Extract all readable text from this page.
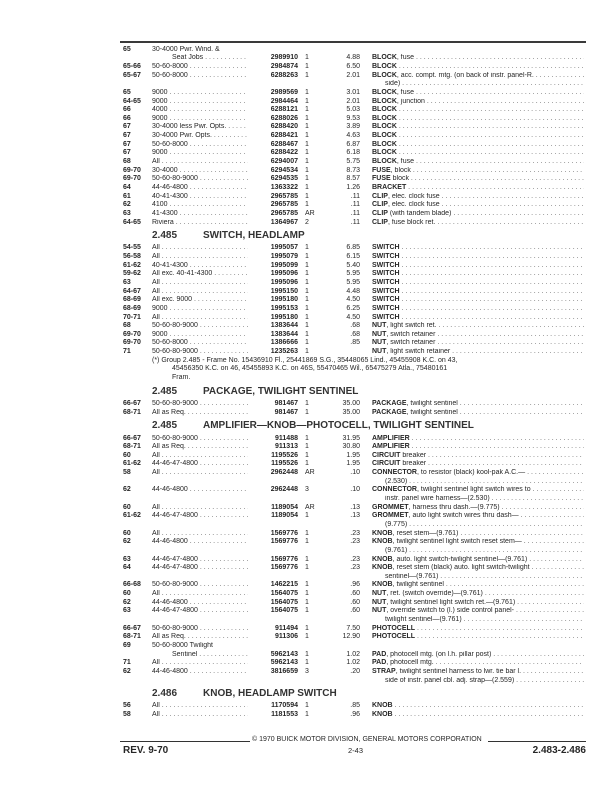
65	30-4000 Pwr. Wind. &
Seat Jobs . . .	2989910 1	4.88 BLOCK, fuse . . .
65-66 50-60-8000 . . .	2984874 1	6.50 BLOCK . . .
65-67 50-60-8000 . . .	6288263 1	2.01 BLOCK, acc. compt. mtg. (on back of instr. panel-R. . . .
side) . . .
65	9000 . . .	2989569 1	3.01 BLOCK, fuse . . .
64-65 9000 . . .	2984464 1	2.01 BLOCK, junction . . .
66	4000 . . .	6288121 1	5.03 BLOCK . . .
66	9000 . . .	6288026 1	9.53 BLOCK . . .
67	30-4000 less Pwr. Opts. . . .	6288420 1	3.89 BLOCK . . .
67	30-4000 Pwr. Opts. . . .	6288421 1	4.63 BLOCK . . .
67	50-60-8000 . . .	6288467 1	6.87 BLOCK . . .
67	9000 . . .	6288422 1	6.18 BLOCK . . .
68	All . . .	6294007 1	5.75 BLOCK, fuse . . .
69-70 30-4000 . . .	6294534 1	8.73 FUSE, block . . .
69-70 50-60-80-9000 . . .	6294535 1	8.57 FUSE block . . .
64	44-46-4800 . . .	1363322 1	1.26 BRACKET . . .
61	40-41-4300 . . .	2965785 1	.11 CLIP, elec. clock fuse . . .
62	4100 . . .	2965785 1	.11 CLIP, elec. clock fuse . . .
63	41-4300 . . .	2965785 AR	.11 CLIP (with tandem blade) . . .
64-65 Riviera . . .	1364967 2	.11 CLIP, fuse block ret. . . .
2.485	SWITCH, HEADLAMP
54-55 All . . .	1995057 1	6.85 SWITCH . . .
56-58 All . . .	1995079 1	6.15 SWITCH . . .
61-62 40-41-4300 . . .	1995099 1	5.40 SWITCH . . .
59-62 All exc. 40-41-4300 . . .	1995096 1	5.95 SWITCH . . .
63	All . . .	1995096 1	5.95 SWITCH . . .
64-67 All . . .	1995150 1	4.48 SWITCH . . .
68-69 All exc. 9000 . . .	1995180 1	4.50 SWITCH . . .
68-69 9000 . . .	1995153 1	6.25 SWITCH . . .
70-71 All . . .	1995180 1	4.50 SWITCH . . .
68	50-60-80-9000 . . .	1383644 1	.68 NUT, light switch ret. . . .
69-70 9000 . . .	1383644 1	.68 NUT, switch retainer . . .
69-70 50-60-8000 . . .	1386666 1	.85 NUT, switch retainer . . .
71	50-60-80-9000 . . .	1235263 1	NUT, light switch retainer . . .
(*) Group 2.485 - Frame No. 15436910 Fl., 25441869 S.G., 35448065 Lind., 45455908 K.C. on 43,
45456350 K.C. on 46, 45455893 K.C. on 46S, 55470465 Wil., 65475279 Atla., 75480161
Fram.
2.485	PACKAGE, TWILIGHT SENTINEL
66-67 50-60-80-9000 . . .	981467 1	35.00 PACKAGE, twilight sentinel . . .
68-71 All as Req. . . .	981467 1	35.00 PACKAGE, twilight sentinel . . .
2.485	AMPLIFIER—KNOB—PHOTOCELL, TWILIGHT SENTINEL
66-67 50-60-80-9000 . . .	911488 1	31.95 AMPLIFIER . . .
68-71 All as Req. . . .	911313 1	30.80 AMPLIFIER . . .
60	All . . .	1195526 1	1.95 CIRCUIT breaker . . .
61-62 44-46-47-4800 . . .	1195526 1	1.95 CIRCUIT breaker . . .
58	All . . .	2962448 AR	.10 CONNECTOR, to resistor (black) kool-pak A.C.— . . .
(2.530) . . .
62	44-46-4800 . . .	2962448 3	.10 CONNECTOR, twilight sentinel light switch wires to . . .
instr. panel wire harness—(2.530) . . .
60	All . . .	1189054 AR	.13 GROMMET, harness thru dash.—(9.775) . . .
61-62 44-46-47-4800 . . .	1189054 1	.13 GROMMET, auto light switch wires thru dash— . . .
(9.775) . . .
60	All . . .	1569776 1	.23 KNOB, reset stem—(9.761) . . .
62	44-46-4800 . . .	1569776 1	.23 KNOB, twilight sentinel light switch reset stem— . . .
(9.761) . . .
63	44-46-47-4800 . . .	1569776 1	.23 KNOB, auto. light switch-twilight sentinel—(9.761) . . .
64	44-46-47-4800 . . .	1569776 1	.23 KNOB, reset stem (black) auto. light switch-twilight . . .
sentinel—(9.761) . . .
66-68 50-60-80-9000 . . .	1462215 1	.96 KNOB, twilight sentinel . . .
60	All . . .	1564075 1	.60 NUT, ret. (switch override)—(9.761) . . .
62	44-46-4800 . . .	1564075 1	.60 NUT, twilight sentinel light switch ret.—(9.761) . . .
63	44-46-47-4800 . . .	1564075 1	.60 NUT, override switch to (l.) side control panel- . . .
twilight sentinel—(9.761) . . .
66-67 50-60-80-9000 . . .	911494 1	7.50 PHOTOCELL . . .
68-71 All as Req. . . .	911306 1	12.90 PHOTOCELL . . .
69	50-60-8000 Twilight
Sentinel . . .	5962143 1	1.02 PAD, photocell mtg. (on l.h. pillar post) . . .
71	All . . .	5962143 1	1.02 PAD, photocell mtg. . . .
62	44-46-4800 . . .	3816659 3	.20 STRAP, twilight sentinel harness to lwr. tie bar l. . . .
side of instr. panel cbl. adj. strap—(2.559) . . .
2.486	KNOB, HEADLAMP SWITCH
56	All . . .	1170594 1	.85 KNOB . . .
58	All . . .	1181553 1	.96 KNOB . . .
© 1970 BUICK MOTOR DIVISION, GENERAL MOTORS CORPORATION
REV. 9-70	2-43	2.483-2.486
